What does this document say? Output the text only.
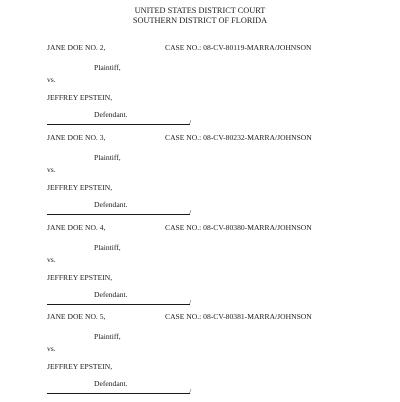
UNITED STATES DISTRICT COURT
SOUTHERN DISTRICT OF FLORIDA
JANE DOE NO. 2,	CASE NO.: 08-CV-80119-MARRA/JOHNSON
Plaintiff,
vs.
JEFFREY EPSTEIN,
Defendant.
/
JANE DOE NO. 3,	CASE NO.: 08-CV-80232-MARRA/JOHNSON
Plaintiff,
vs.
JEFFREY EPSTEIN,
Defendant.
/
JANE DOE NO. 4,	CASE NO.: 08-CV-80380-MARRA/JOHNSON
Plaintiff,
vs.
JEFFREY EPSTEIN,
Defendant.
/
JANE DOE NO. 5,	CASE NO.: 08-CV-80381-MARRA/JOHNSON
Plaintiff,
vs.
JEFFREY EPSTEIN,
Defendant.
/
